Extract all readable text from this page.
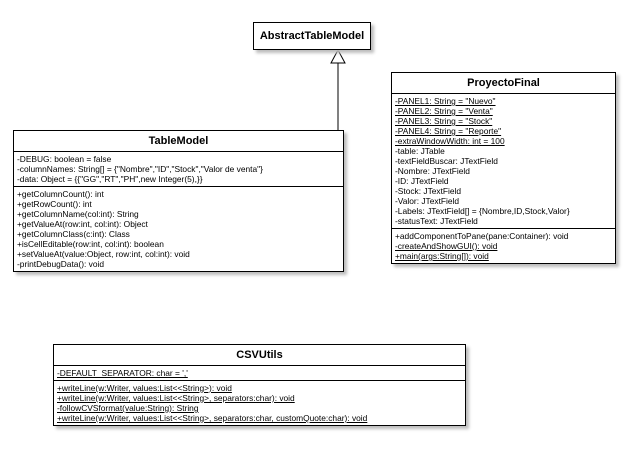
AbstractTableModel
TableModel
-DEBUG: boolean = false
-columnNames: String[] = {"Nombre","ID","Stock","Valor de venta"}
-data: Object = {{"GG","RT","PH",new Integer(5),}}
+getColumnCount(): int
+getRowCount(): int
+getColumnName(col:int): String
+getValueAt(row:int, col:int): Object
+getColumnClass(c:int): Class
+isCellEditable(row:int, col:int): boolean
+setValueAt(value:Object, row:int, col:int): void
-printDebugData(): void
ProyectoFinal
-PANEL1: String = "Nuevo"
-PANEL2: String = "Venta"
-PANEL3: String = "Stock"
-PANEL4: String = "Reporte"
-extraWindowWidth: int = 100
-table: JTable
-textFieldBuscar: JTextField
-Nombre: JTextField
-ID: JTextField
-Stock: JTextField
-Valor: JTextField
-Labels: JTextField[] = {Nombre,ID,Stock,Valor}
-statusText: JTextField
+addComponentToPane(pane:Container): void
-createAndShowGUI(): void
+main(args:String[]): void
CSVUtils
-DEFAULT_SEPARATOR: char = ','
+writeLine(w:Writer, values:List<<String>): void
+writeLine(w:Writer, values:List<<String>, separators:char): void
-followCVSformat(value:String): String
+writeLine(w:Writer, values:List<<String>, separators:char, customQuote:char): void
